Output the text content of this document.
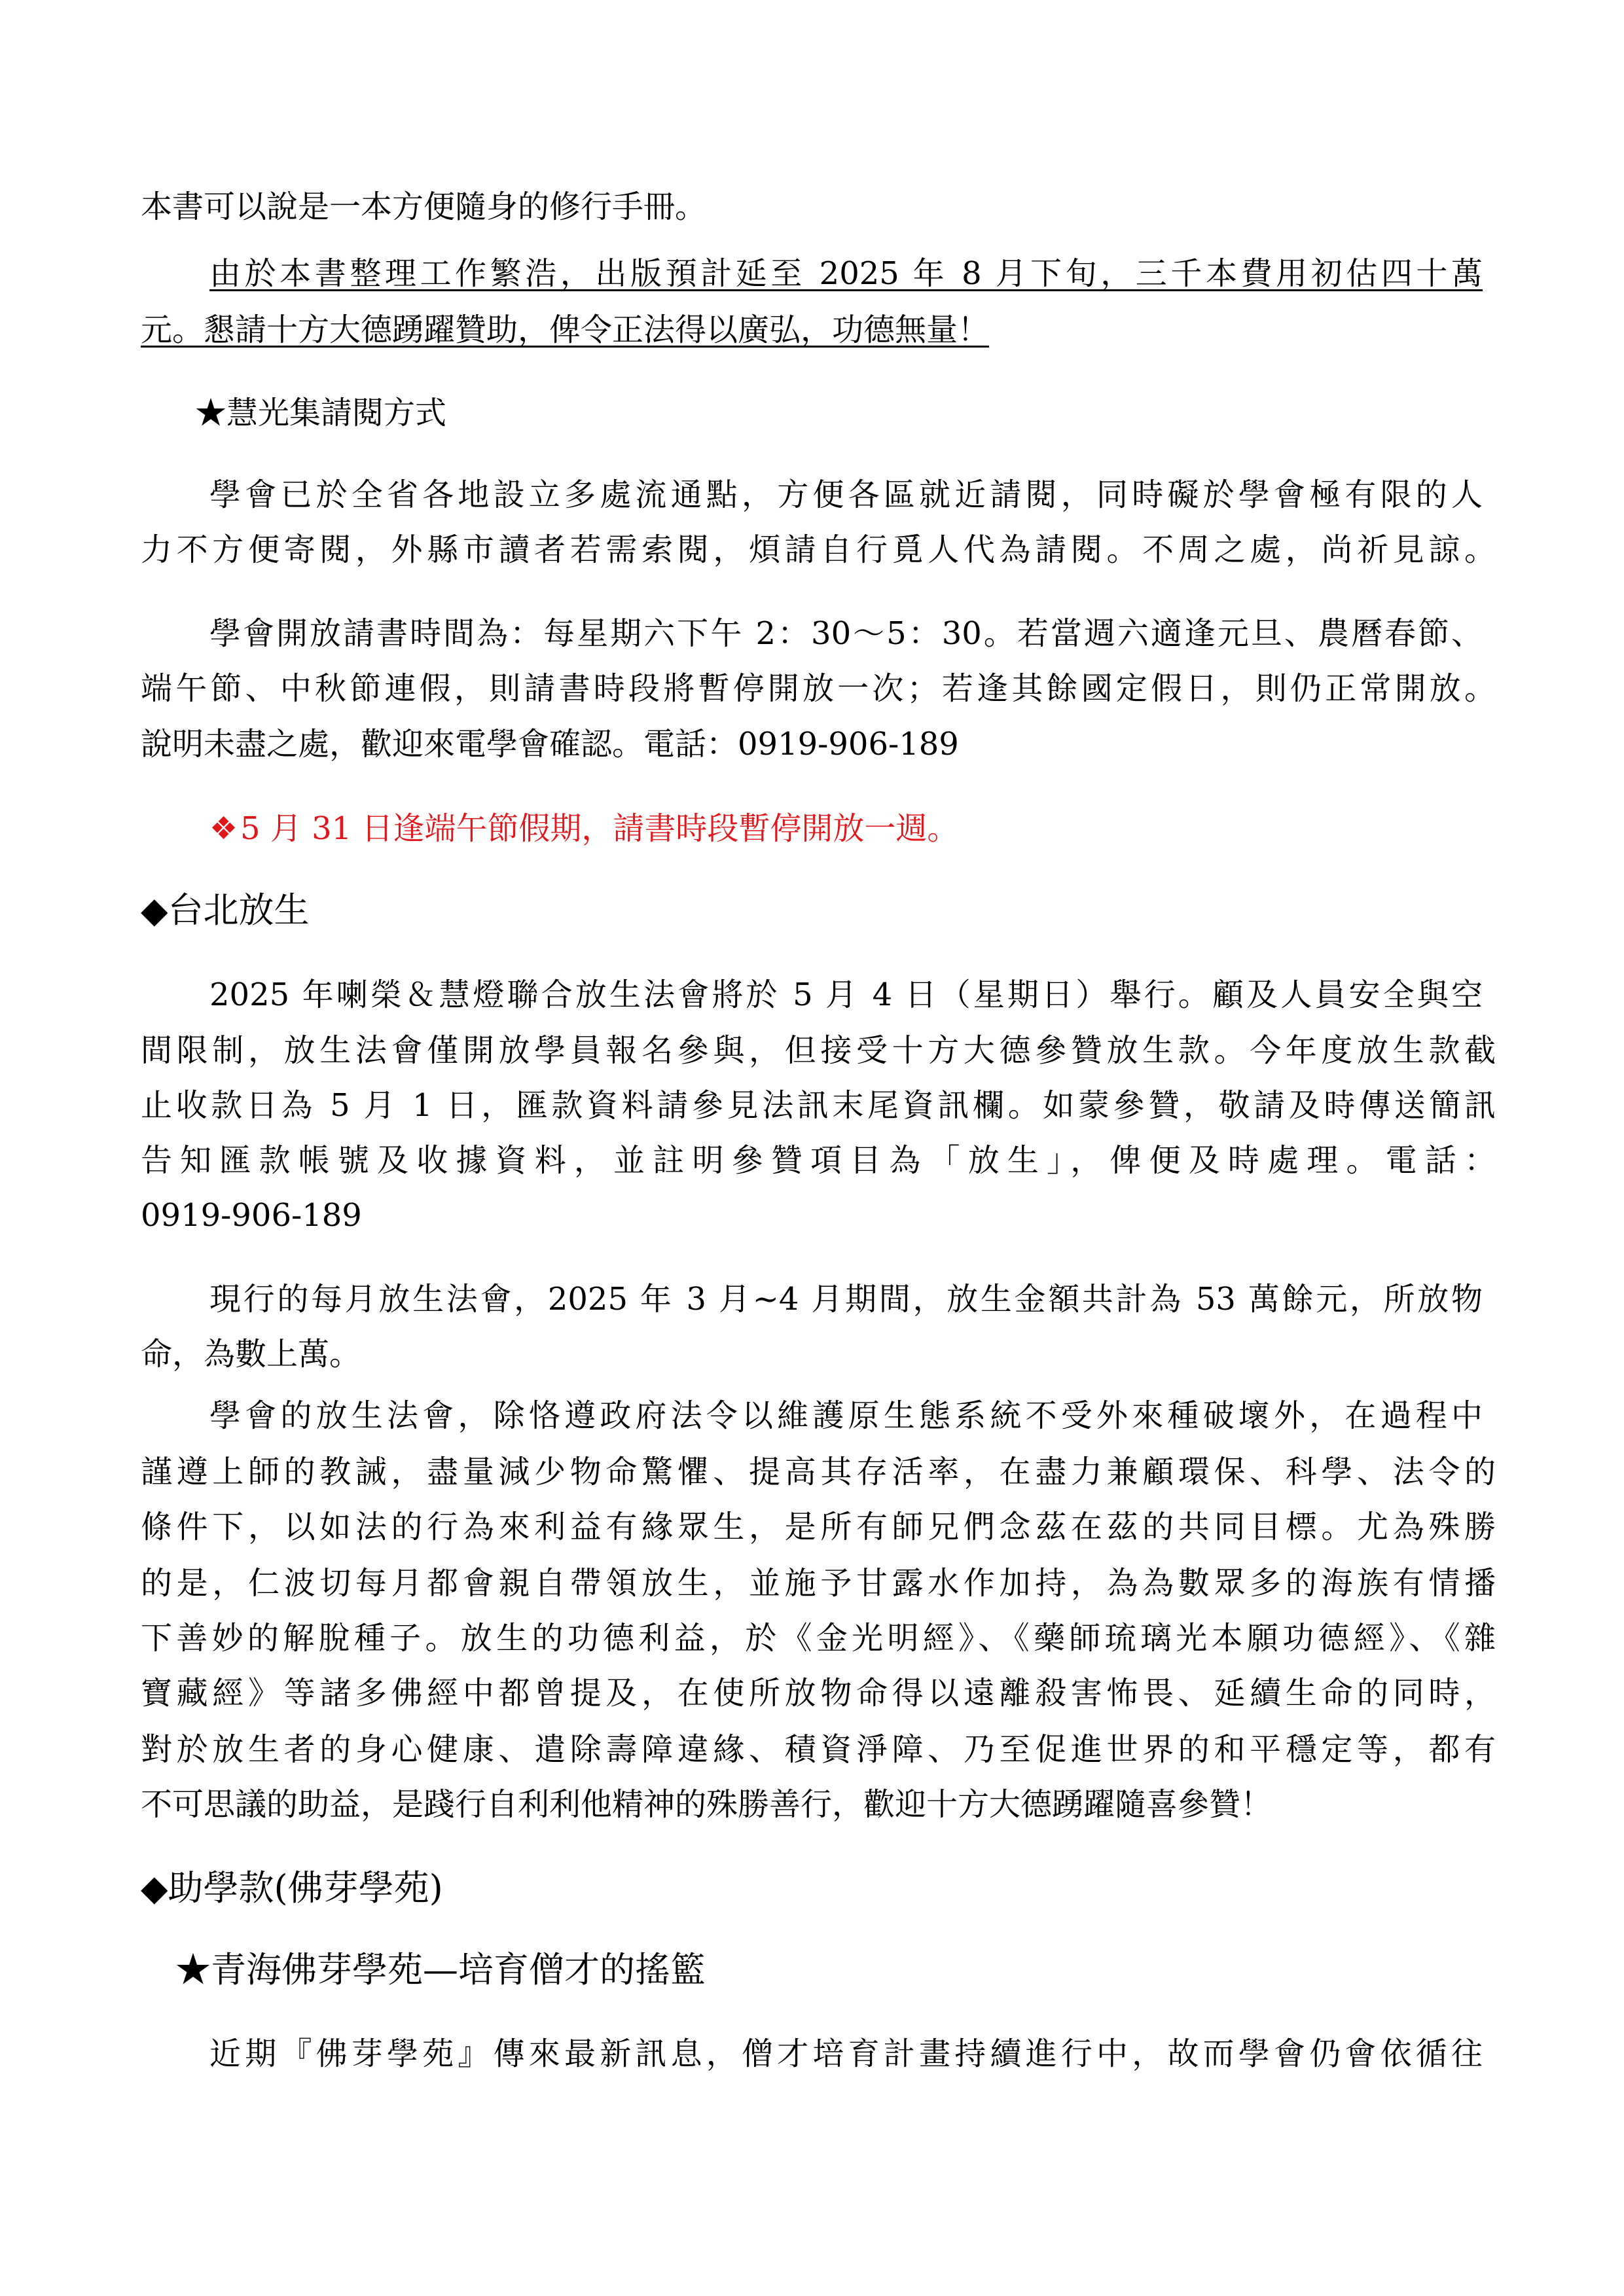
本書可以說是一本方便隨身的修行手冊。
由於本書整理工作繁浩，出版預計延至 2025 年 8 月下旬，三千本費用初估四十萬
元。懇請十方大德踴躍贊助，俾令正法得以廣弘，功德無量！
★慧光集請閱方式
學會已於全省各地設立多處流通點，方便各區就近請閱，同時礙於學會極有限的人
力不方便寄閱，外縣市讀者若需索閱，煩請自行覓人代為請閱。不周之處，尚祈見諒。
學會開放請書時間為：每星期六下午 2：30～5：30。若當週六適逢元旦、農曆春節、
端午節、中秋節連假，則請書時段將暫停開放一次；若逢其餘國定假日，則仍正常開放。
說明未盡之處，歡迎來電學會確認。電話：0919-906-189
❖5 月 31 日逢端午節假期，請書時段暫停開放一週。
◆台北放生
2025 年喇榮＆慧燈聯合放生法會將於 5 月 4 日（星期日）舉行。顧及人員安全與空
間限制，放生法會僅開放學員報名參與，但接受十方大德參贊放生款。今年度放生款截
止收款日為 5 月 1 日，匯款資料請參見法訊末尾資訊欄。如蒙參贊，敬請及時傳送簡訊
告知匯款帳號及收據資料，並註明參贊項目為「放生」，俾便及時處理。電話：
0919-906-189
現行的每月放生法會，2025 年 3 月~4 月期間，放生金額共計為 53 萬餘元，所放物
命，為數上萬。
學會的放生法會，除恪遵政府法令以維護原生態系統不受外來種破壞外，在過程中
謹遵上師的教誡，盡量減少物命驚懼、提高其存活率，在盡力兼顧環保、科學、法令的
條件下，以如法的行為來利益有緣眾生，是所有師兄們念茲在茲的共同目標。尤為殊勝
的是，仁波切每月都會親自帶領放生，並施予甘露水作加持，為為數眾多的海族有情播
下善妙的解脫種子。放生的功德利益，於《金光明經》、《藥師琉璃光本願功德經》、《雜
寶藏經》等諸多佛經中都曾提及，在使所放物命得以遠離殺害怖畏、延續生命的同時，
對於放生者的身心健康、遣除壽障違緣、積資淨障、乃至促進世界的和平穩定等，都有
不可思議的助益，是踐行自利利他精神的殊勝善行，歡迎十方大德踴躍隨喜參贊！
◆助學款(佛芽學苑)
★青海佛芽學苑—培育僧才的搖籃
近期『佛芽學苑』傳來最新訊息，僧才培育計畫持續進行中，故而學會仍會依循往
